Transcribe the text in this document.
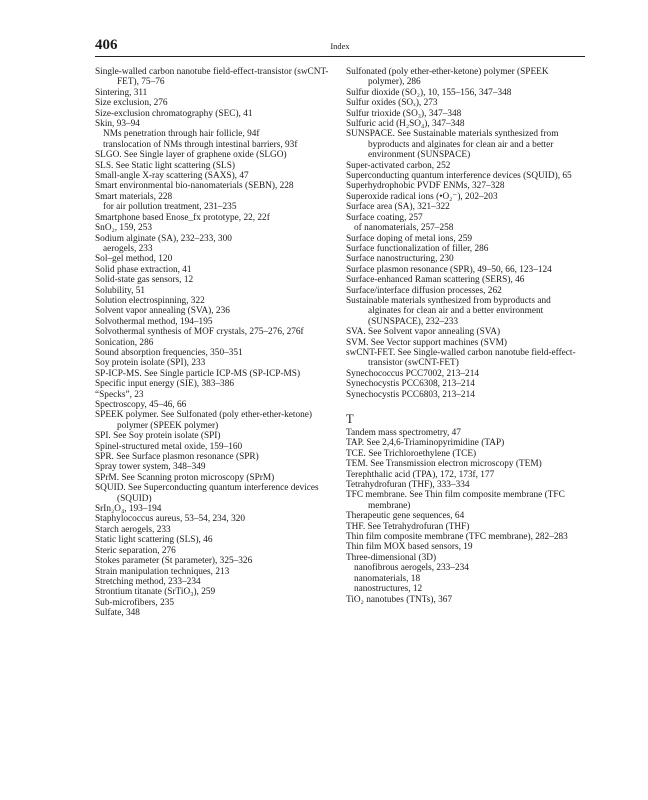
406	Index

Single-walled carbon nanotube field-effect-transistor (swCNT-FET), 75–76

Sintering, 311

Size exclusion, 276

Size-exclusion chromatography (SEC), 41

Skin, 93–94

NMs penetration through hair follicle, 94f

translocation of NMs through intestinal barriers, 93f

SLGO. See Single layer of graphene oxide (SLGO)

SLS. See Static light scattering (SLS)

Small-angle X-ray scattering (SAXS), 47

Smart environmental bio-nanomaterials (SEBN), 228

Smart materials, 228

for air pollution treatment, 231–235

Smartphone based Enose_fx prototype, 22, 22f

SnO₂, 159, 253

Sodium alginate (SA), 232–233, 300

aerogels, 233

Sol–gel method, 120

Solid phase extraction, 41

Solid-state gas sensors, 12

Solubility, 51

Solution electrospinning, 322

Solvent vapor annealing (SVA), 236

Solvothermal method, 194–195

Solvothermal synthesis of MOF crystals, 275–276, 276f

Sonication, 286

Sound absorption frequencies, 350–351

Soy protein isolate (SPI), 233

SP-ICP-MS. See Single particle ICP-MS (SP-ICP-MS)

Specific input energy (SIE), 383–386

“Specks”, 23

Spectroscopy, 45–46, 66

SPEEK polymer. See Sulfonated (poly ether-ether-ketone) polymer (SPEEK polymer)

SPI. See Soy protein isolate (SPI)

Spinel-structured metal oxide, 159–160

SPR. See Surface plasmon resonance (SPR)

Spray tower system, 348–349

SPrM. See Scanning proton microscopy (SPrM)

SQUID. See Superconducting quantum interference devices (SQUID)

SrIn₂O₄, 193–194

Staphylococcus aureus, 53–54, 234, 320

Starch aerogels, 233

Static light scattering (SLS), 46

Steric separation, 276

Stokes parameter (St parameter), 325–326

Strain manipulation techniques, 213

Stretching method, 233–234

Strontium titanate (SrTiO₃), 259

Sub-microfibers, 235

Sulfate, 348

Sulfonated (poly ether-ether-ketone) polymer (SPEEK polymer), 286

Sulfur dioxide (SO₂), 10, 155–156, 347–348

Sulfur oxides (SOₓ), 273

Sulfur trioxide (SO₃), 347–348

Sulfuric acid (H₂SO₄), 347–348

SUNSPACE. See Sustainable materials synthesized from byproducts and alginates for clean air and a better environment (SUNSPACE)

Super-activated carbon, 252

Superconducting quantum interference devices (SQUID), 65

Superhydrophobic PVDF ENMs, 327–328

Superoxide radical ions (•O₂⁻), 202–203

Surface area (SA), 321–322

Surface coating, 257

of nanomaterials, 257–258

Surface doping of metal ions, 259

Surface functionalization of filler, 286

Surface nanostructuring, 230

Surface plasmon resonance (SPR), 49–50, 66, 123–124

Surface-enhanced Raman scattering (SERS), 46

Surface/interface diffusion processes, 262

Sustainable materials synthesized from byproducts and alginates for clean air and a better environment (SUNSPACE), 232–233

SVA. See Solvent vapor annealing (SVA)

SVM. See Vector support machines (SVM)

swCNT-FET. See Single-walled carbon nanotube field-effect-transistor (swCNT-FET)

Synechococcus PCC7002, 213–214

Synechocystis PCC6308, 213–214

Synechocystis PCC6803, 213–214

T

Tandem mass spectrometry, 47

TAP. See 2,4,6-Triaminopyrimidine (TAP)

TCE. See Trichloroethylene (TCE)

TEM. See Transmission electron microscopy (TEM)

Terephthalic acid (TPA), 172, 173f, 177

Tetrahydrofuran (THF), 333–334

TFC membrane. See Thin film composite membrane (TFC membrane)

Therapeutic gene sequences, 64

THF. See Tetrahydrofuran (THF)

Thin film composite membrane (TFC membrane), 282–283

Thin film MOX based sensors, 19

Three-dimensional (3D)

nanofibrous aerogels, 233–234

nanomaterials, 18

nanostructures, 12

TiO₂ nanotubes (TNTs), 367
